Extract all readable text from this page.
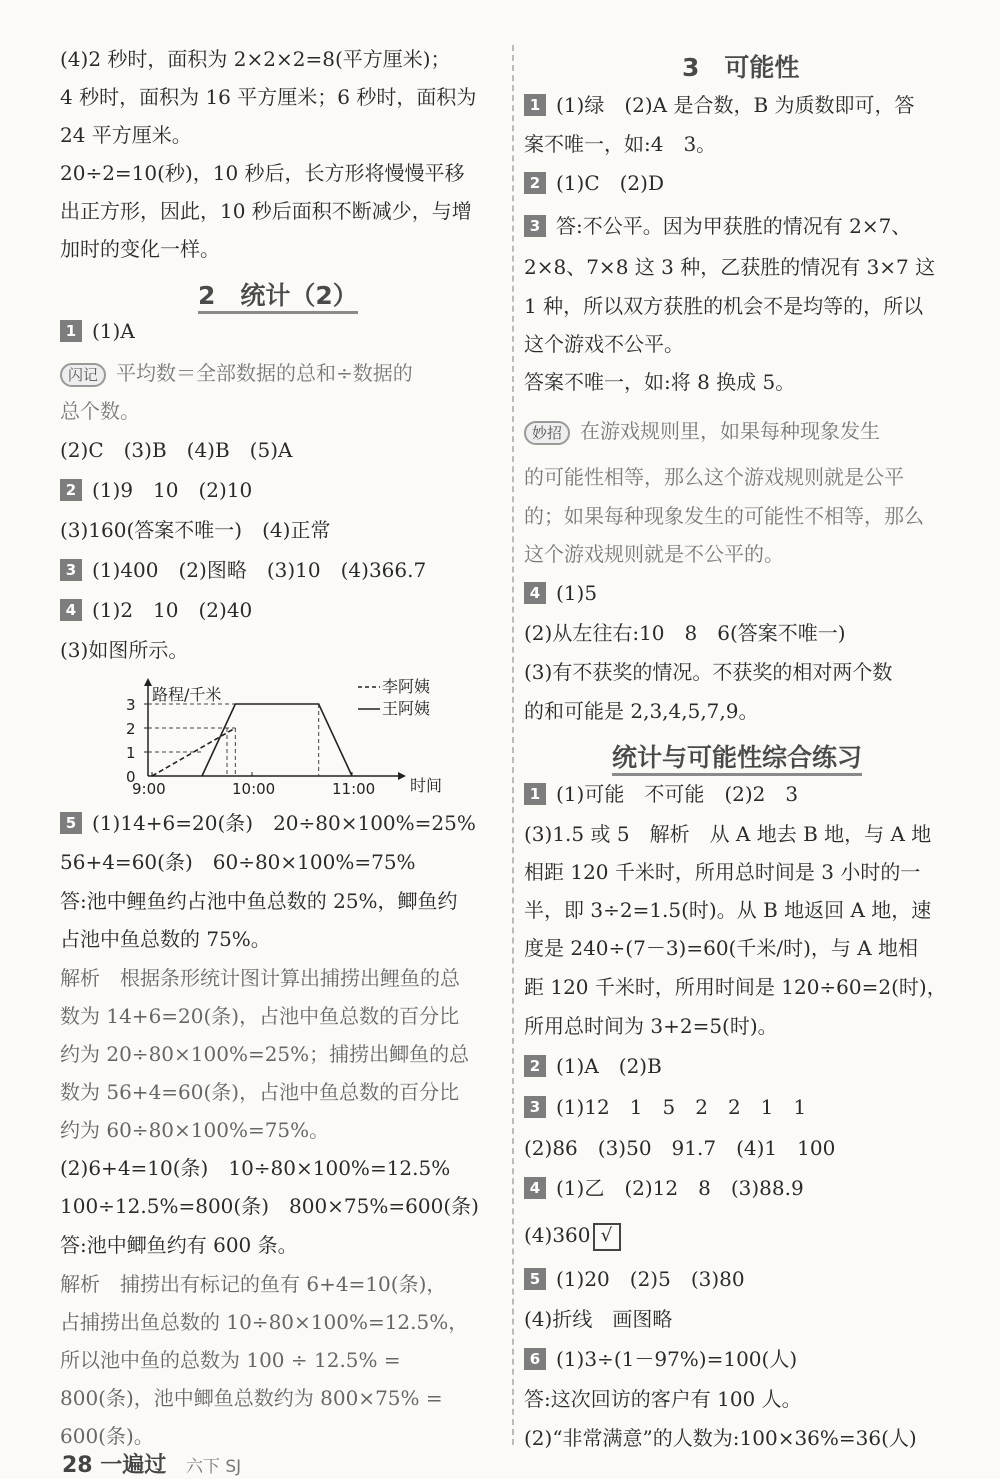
(4)2 秒时，面积为 2×2×2=8(平方厘米)；
4 秒时，面积为 16 平方厘米；6 秒时，面积为
24 平方厘米。
20÷2=10(秒)，10 秒后，长方形将慢慢平移
出正方形，因此，10 秒后面积不断减少，与增
加时的变化一样。
2　统计（2）
1 (1)A
闪记 平均数＝全部数据的总和÷数据的
总个数。
(2)C　(3)B　(4)B　(5)A
2 (1)9　10　(2)10
(3)160(答案不唯一)　(4)正常
3 (1)400　(2)图略　(3)10　(4)366.7
4 (1)2　10　(2)40
(3)如图所示。
路程/千米
时间
0
1
2
3
9:00	10:00	11:00
李阿姨
王阿姨
5 (1)14+6=20(条)　20÷80×100%=25%
56+4=60(条)　60÷80×100%=75%
答:池中鲤鱼约占池中鱼总数的 25%，鲫鱼约
占池中鱼总数的 75%。
解析　根据条形统计图计算出捕捞出鲤鱼的总
数为 14+6=20(条)，占池中鱼总数的百分比
约为 20÷80×100%=25%；捕捞出鲫鱼的总
数为 56+4=60(条)，占池中鱼总数的百分比
约为 60÷80×100%=75%。
(2)6+4=10(条)　10÷80×100%=12.5%
100÷12.5%=800(条)　800×75%=600(条)
答:池中鲫鱼约有 600 条。
解析　捕捞出有标记的鱼有 6+4=10(条)，
占捕捞出鱼总数的 10÷80×100%=12.5%，
所以池中鱼的总数为 100 ÷ 12.5% =
800(条)，池中鲫鱼总数约为 800×75% =
600(条)。
3　可能性
1 (1)绿　(2)A 是合数，B 为质数即可，答
案不唯一，如:4　3。
2 (1)C　(2)D
3 答:不公平。因为甲获胜的情况有 2×7、
2×8、7×8 这 3 种，乙获胜的情况有 3×7 这
1 种，所以双方获胜的机会不是均等的，所以
这个游戏不公平。
答案不唯一，如:将 8 换成 5。
妙招 在游戏规则里，如果每种现象发生
的可能性相等，那么这个游戏规则就是公平
的；如果每种现象发生的可能性不相等，那么
这个游戏规则就是不公平的。
4 (1)5
(2)从左往右:10　8　6(答案不唯一)
(3)有不获奖的情况。不获奖的相对两个数
的和可能是 2,3,4,5,7,9。
统计与可能性综合练习
1 (1)可能　不可能　(2)2　3
(3)1.5 或 5　解析　从 A 地去 B 地，与 A 地
相距 120 千米时，所用总时间是 3 小时的一
半，即 3÷2=1.5(时)。从 B 地返回 A 地，速
度是 240÷(7－3)=60(千米/时)，与 A 地相
距 120 千米时，所用时间是 120÷60=2(时)，
所用总时间为 3+2=5(时)。
2 (1)A　(2)B
3 (1)12　1　5　2　2　1　1
(2)86　(3)50　91.7　(4)1　100
4 (1)乙　(2)12　8　(3)88.9
(4)360 √
5 (1)20　(2)5　(3)80
(4)折线　画图略
6 (1)3÷(1－97%)=100(人)
答:这次回访的客户有 100 人。
(2)“非常满意”的人数为:100×36%=36(人)
28 一遍过 六下 SJ
